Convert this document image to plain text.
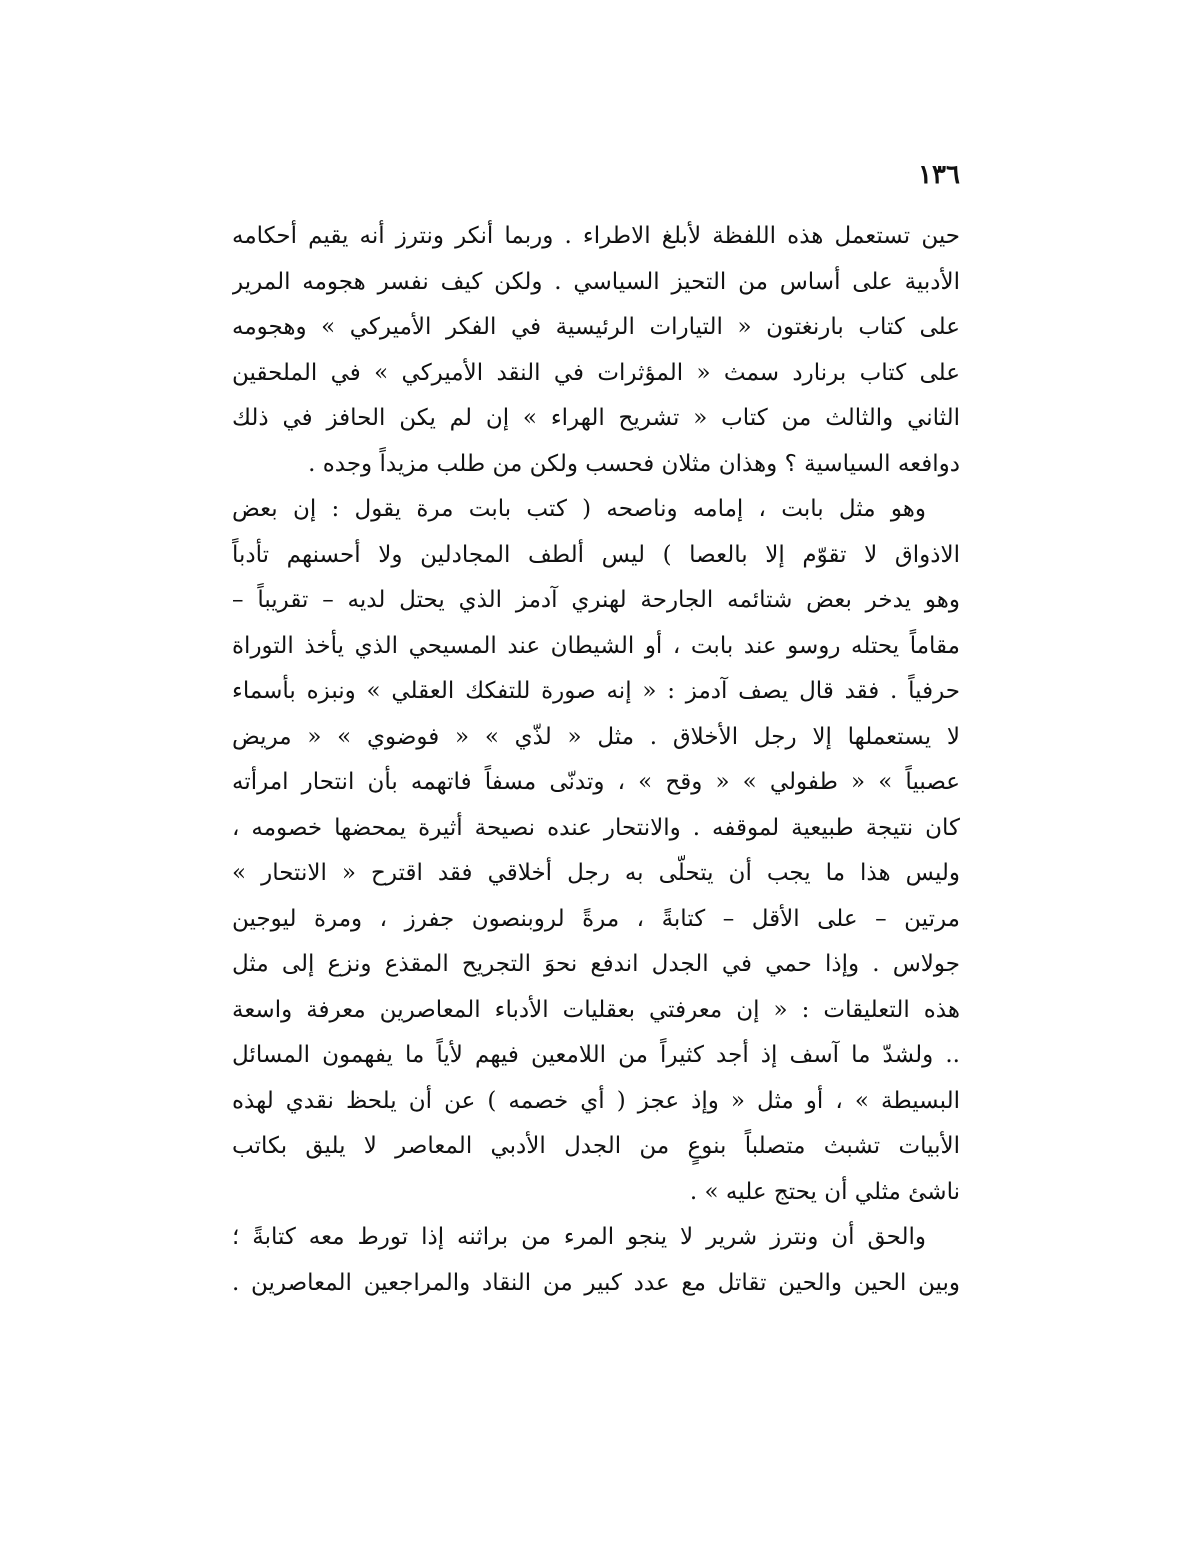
١٣٦
حين تستعمل هذه اللفظة لأبلغ الاطراء . وربما أنكر ونترز أنه يقيم أحكامه
الأدبية على أساس من التحيز السياسي . ولكن كيف نفسر هجومه المرير
على كتاب بارنغتون « التيارات الرئيسية في الفكر الأميركي » وهجومه
على كتاب برنارد سمث « المؤثرات في النقد الأميركي » في الملحقين
الثاني والثالث من كتاب « تشريح الهراء » إن لم يكن الحافز في ذلك
دوافعه السياسية ؟ وهذان مثلان فحسب ولكن من طلب مزيداً وجده .
وهو مثل بابت ، إمامه وناصحه ( كتب بابت مرة يقول : إن بعض
الاذواق لا تقوّم إلا بالعصا ) ليس ألطف المجادلين ولا أحسنهم تأدباً
وهو يدخر بعض شتائمه الجارحة لهنري آدمز الذي يحتل لديه – تقريباً –
مقاماً يحتله روسو عند بابت ، أو الشيطان عند المسيحي الذي يأخذ التوراة
حرفياً . فقد قال يصف آدمز : « إنه صورة للتفكك العقلي » ونبزه بأسماء
لا يستعملها إلا رجل الأخلاق . مثل « لذّي » « فوضوي » « مريض
عصبياً » « طفولي » « وقح » ، وتدنّى مسفاً فاتهمه بأن انتحار امرأته
كان نتيجة طبيعية لموقفه . والانتحار عنده نصيحة أثيرة يمحضها خصومه ،
وليس هذا ما يجب أن يتحلّى به رجل أخلاقي فقد اقترح « الانتحار »
مرتين – على الأقل – كتابةً ، مرةً لروبنصون جفرز ، ومرة ليوجين
جولاس . وإذا حمي في الجدل اندفع نحوَ التجريح المقذع ونزع إلى مثل
هذه التعليقات : « إن معرفتي بعقليات الأدباء المعاصرين معرفة واسعة
.. ولشدّ ما آسف إذ أجد كثيراً من اللامعين فيهم لأياً ما يفهمون المسائل
البسيطة » ، أو مثل « وإذ عجز ( أي خصمه ) عن أن يلحظ نقدي لهذه
الأبيات تشبث متصلباً بنوعٍ من الجدل الأدبي المعاصر لا يليق بكاتب
ناشئ مثلي أن يحتج عليه » .
والحق أن ونترز شرير لا ينجو المرء من براثنه إذا تورط معه كتابةً ؛
وبين الحين والحين تقاتل مع عدد كبير من النقاد والمراجعين المعاصرين .
